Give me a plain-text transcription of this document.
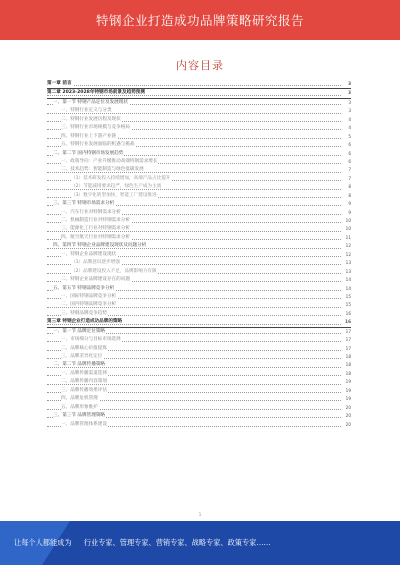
特钢企业打造成功品牌策略研究报告
内容目录
第一章 前言	3
第二章 2023-2028年特钢市场前景及趋势预测	3
一、第一节 特钢产品定位及发展现状	3
一、特钢行业定义与分类	3
二、特钢行业发展历程及现状	4
三、特钢行业市场规模与竞争格局	4
四、特钢行业上下游产业链	5
五、特钢行业发展面临的机遇与挑战	6
二、第二节 国内特钢市场发展趋势	6
一、政策导向：产业升级推动高端特钢需求增长	6
二、技术趋势：智能制造与绿色低碳发展	7
（1）技术研发投入持续增加，高端产品占比提升	7
（2）节能减排要求趋严，绿色生产成为主流	8
（3）数字化转型加快，智能工厂建设推进	8
三、第三节 特钢市场需求分析	9
一、汽车行业对特钢需求分析	9
二、机械制造行业对特钢需求分析	10
三、能源化工行业对特钢需求分析	10
四、航空航天行业对特钢需求分析	11
四、第四节 特钢企业品牌建设现状及问题分析	12
一、特钢企业品牌建设现状	12
（1）品牌意识逐步增强	13
（2）品牌建设投入不足，品牌影响力有限	13
二、特钢企业品牌建设存在的问题	14
五、第五节 特钢品牌竞争分析	14
一、国际特钢品牌竞争分析	15
二、国内特钢品牌竞争分析	15
三、特钢品牌竞争趋势	16
第三章 特钢企业打造成功品牌的策略	16
一、第一节 品牌定位策略	17
一、市场细分与目标市场选择	17
二、品牌核心价值提炼	17
三、品牌差异化定位	18
二、第二节 品牌传播策略	18
一、品牌传播渠道选择	18
二、品牌传播内容策划	19
三、品牌传播效果评估	19
四、品牌危机管理	19
五、品牌形象维护	20
三、第三节 品牌管理策略	20
一、品牌管理体系建设	20
1
让每个人都能成为 行业专家、管理专家、营销专家、战略专家、政策专家……
